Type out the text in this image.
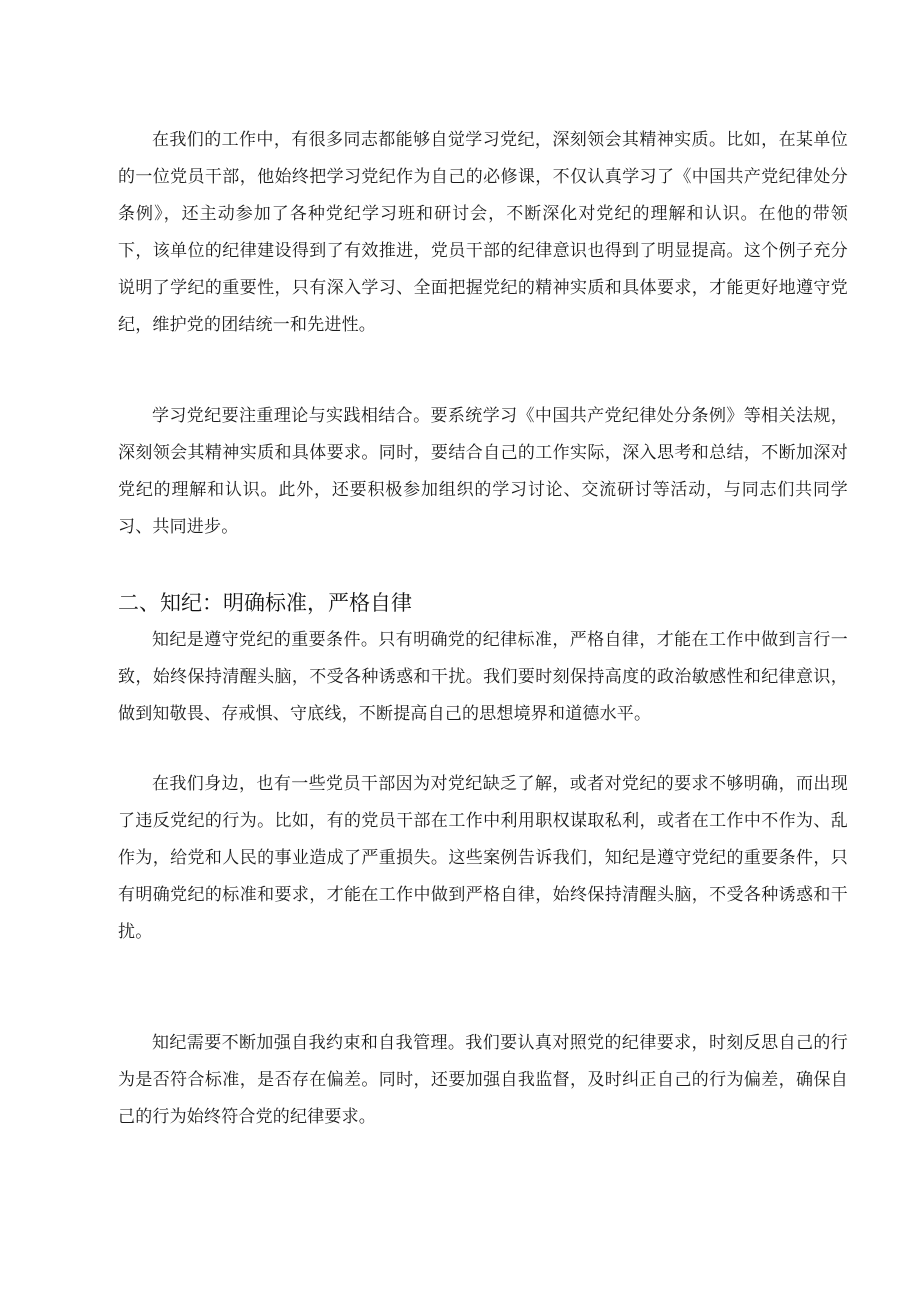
在我们的工作中，有很多同志都能够自觉学习党纪，深刻领会其精神实质。比如，在某单位的一位党员干部，他始终把学习党纪作为自己的必修课，不仅认真学习了《中国共产党纪律处分条例》，还主动参加了各种党纪学习班和研讨会，不断深化对党纪的理解和认识。在他的带领下，该单位的纪律建设得到了有效推进，党员干部的纪律意识也得到了明显提高。这个例子充分说明了学纪的重要性，只有深入学习、全面把握党纪的精神实质和具体要求，才能更好地遵守党纪，维护党的团结统一和先进性。

学习党纪要注重理论与实践相结合。要系统学习《中国共产党纪律处分条例》等相关法规，深刻领会其精神实质和具体要求。同时，要结合自己的工作实际，深入思考和总结，不断加深对党纪的理解和认识。此外，还要积极参加组织的学习讨论、交流研讨等活动，与同志们共同学习、共同进步。

二、知纪：明确标准，严格自律

知纪是遵守党纪的重要条件。只有明确党的纪律标准，严格自律，才能在工作中做到言行一致，始终保持清醒头脑，不受各种诱惑和干扰。我们要时刻保持高度的政治敏感性和纪律意识，做到知敬畏、存戒惧、守底线，不断提高自己的思想境界和道德水平。

在我们身边，也有一些党员干部因为对党纪缺乏了解，或者对党纪的要求不够明确，而出现了违反党纪的行为。比如，有的党员干部在工作中利用职权谋取私利，或者在工作中不作为、乱作为，给党和人民的事业造成了严重损失。这些案例告诉我们，知纪是遵守党纪的重要条件，只有明确党纪的标准和要求，才能在工作中做到严格自律，始终保持清醒头脑，不受各种诱惑和干扰。

知纪需要不断加强自我约束和自我管理。我们要认真对照党的纪律要求，时刻反思自己的行为是否符合标准，是否存在偏差。同时，还要加强自我监督，及时纠正自己的行为偏差，确保自己的行为始终符合党的纪律要求。
